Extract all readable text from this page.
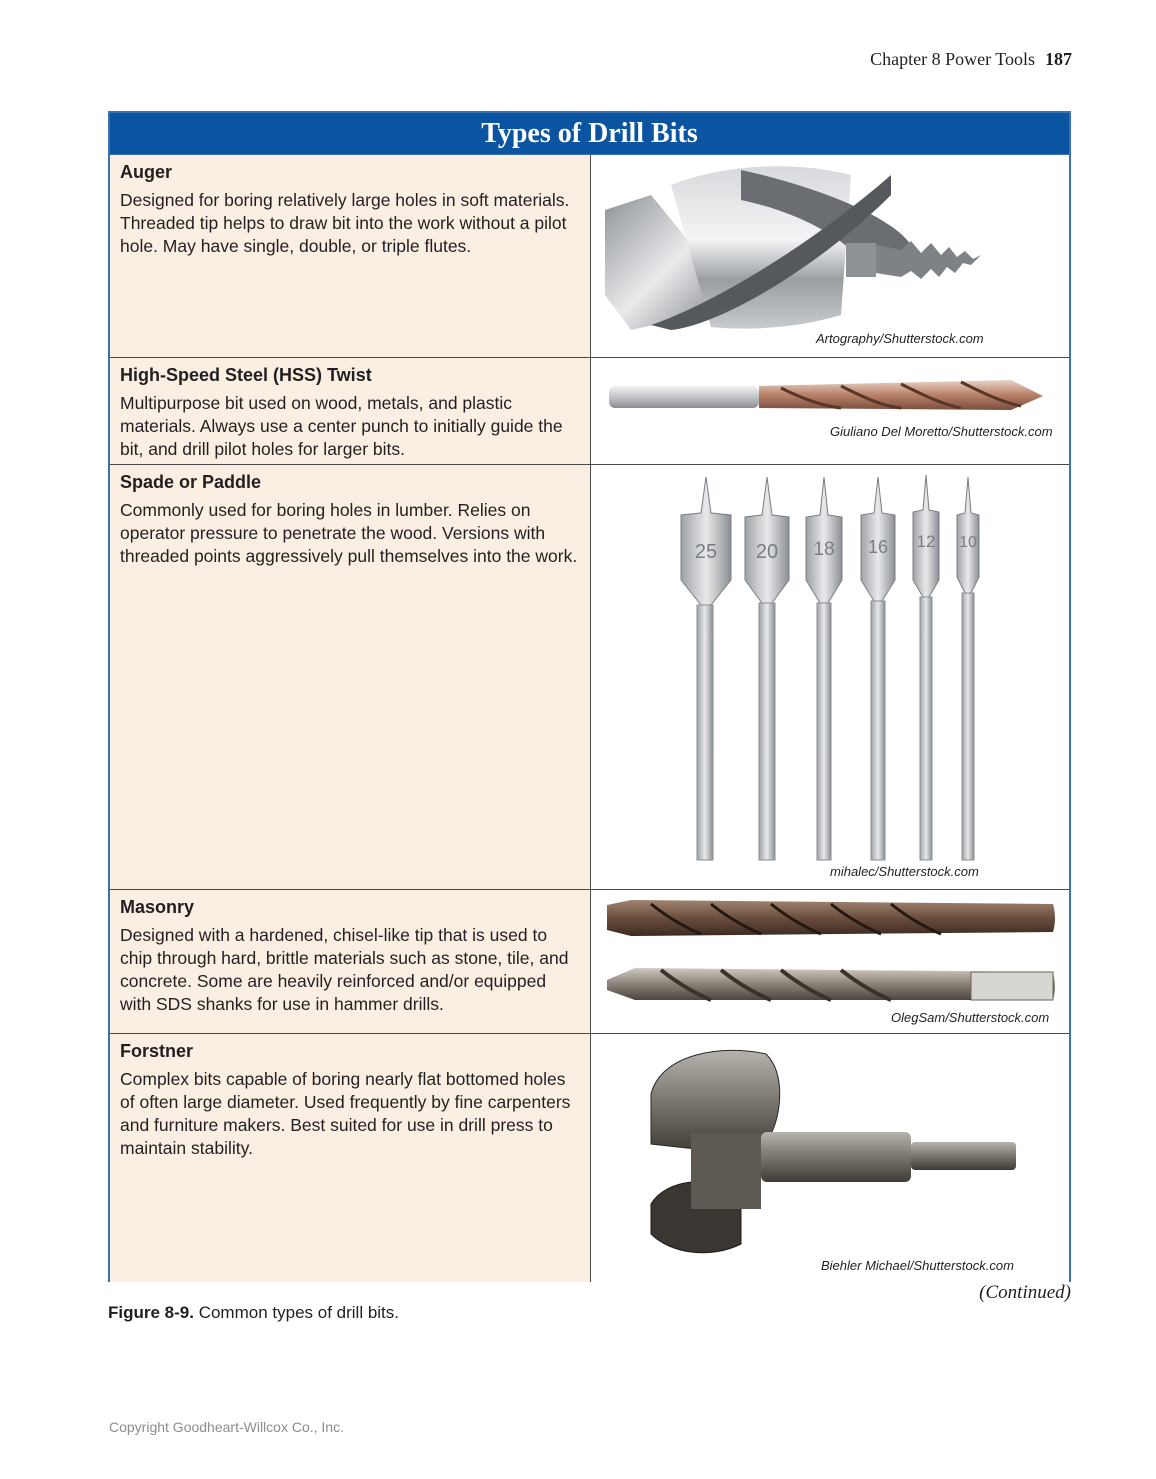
Chapter 8 Power Tools 187
Types of Drill Bits
Auger

Designed for boring relatively large holes in soft materials. Threaded tip helps to draw bit into the work without a pilot hole. May have single, double, or triple flutes.

Artography/Shutterstock.com
High-Speed Steel (HSS) Twist

Multipurpose bit used on wood, metals, and plastic materials. Always use a center punch to initially guide the bit, and drill pilot holes for larger bits.

Giuliano Del Moretto/Shutterstock.com
Spade or Paddle

Commonly used for boring holes in lumber. Relies on operator pressure to penetrate the wood. Versions with threaded points aggressively pull themselves into the work.	25 20 18 16 12 10
mihalec/Shutterstock.com
Masonry

Designed with a hardened, chisel-like tip that is used to chip through hard, brittle materials such as stone, tile, and concrete. Some are heavily reinforced and/or equipped with SDS shanks for use in hammer drills.

OlegSam/Shutterstock.com
Forstner

Complex bits capable of boring nearly flat bottomed holes of often large diameter. Used frequently by fine carpenters and furniture makers. Best suited for use in drill press to maintain stability.

Biehler Michael/Shutterstock.com
(Continued)
Figure 8-9. Common types of drill bits.
Copyright Goodheart-Willcox Co., Inc.
